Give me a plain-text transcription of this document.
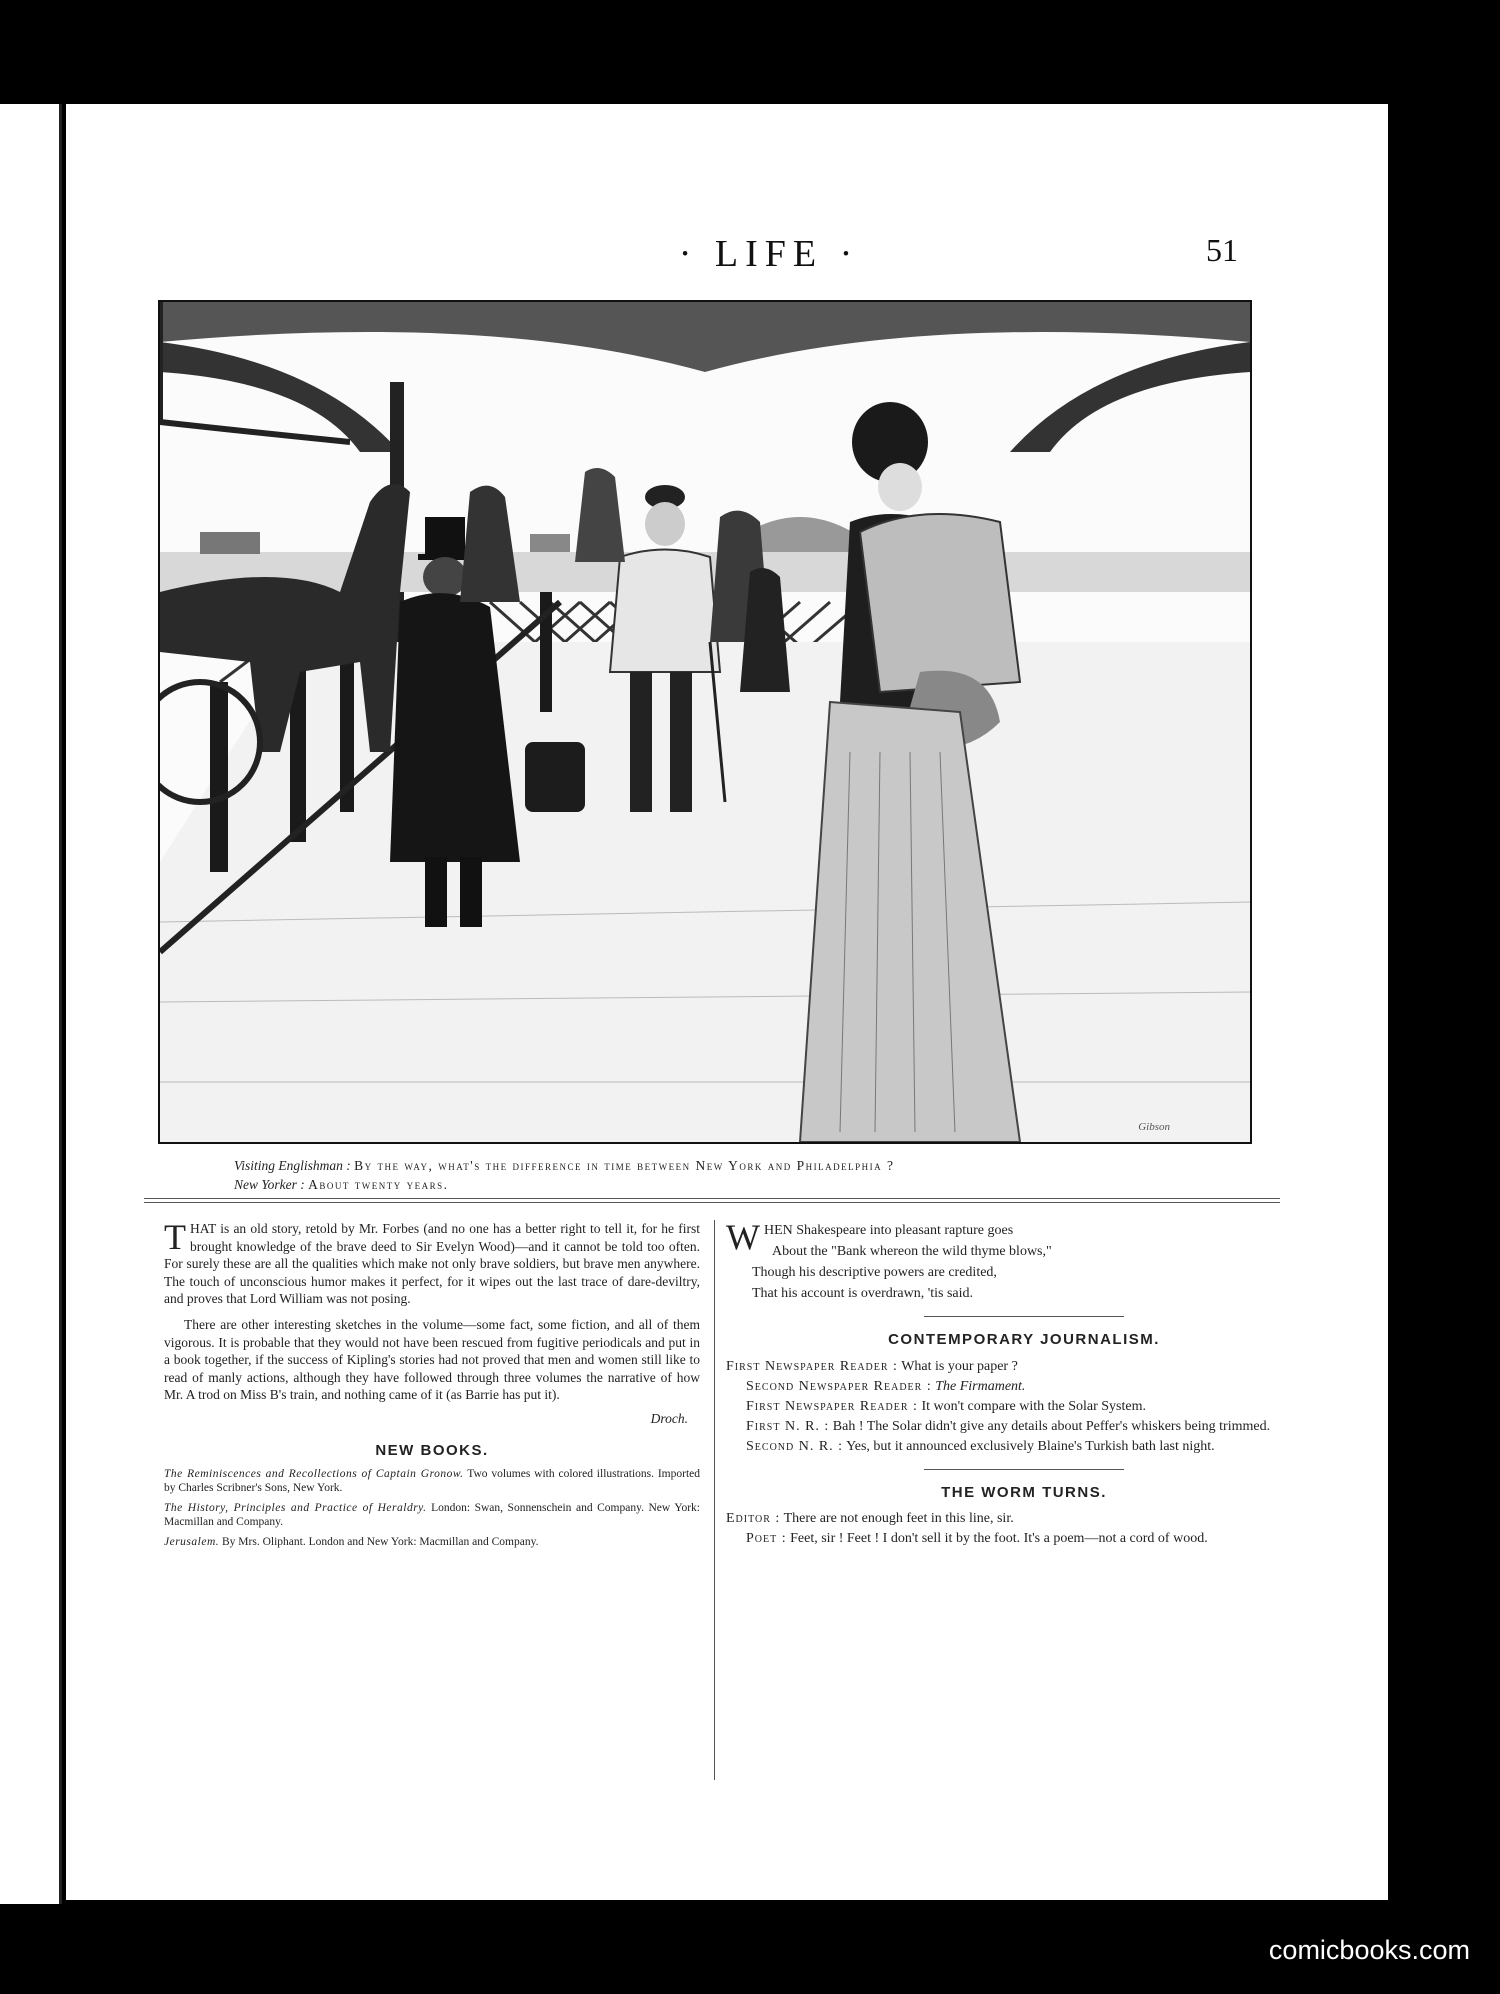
· LIFE ·	51
Gibson
Visiting Englishman : By the way, what's the difference in time between New York and Philadelphia ?
New Yorker : About twenty years.

THAT is an old story, retold by Mr. Forbes (and no one has a better right to tell it, for he first brought knowledge of the brave deed to Sir Evelyn Wood)—and it cannot be told too often. For surely these are all the qualities which make not only brave soldiers, but brave men anywhere. The touch of unconscious humor makes it perfect, for it wipes out the last trace of dare-deviltry, and proves that Lord William was not posing.

There are other interesting sketches in the volume—some fact, some fiction, and all of them vigorous. It is probable that they would not have been rescued from fugitive periodicals and put in a book together, if the success of Kipling's stories had not proved that men and women still like to read of manly actions, although they have followed through three volumes the narrative of how Mr. A trod on Miss B's train, and nothing came of it (as Barrie has put it).

Droch.

NEW BOOKS.

The Reminiscences and Recollections of Captain Gronow. Two volumes with colored illustrations. Imported by Charles Scribner's Sons, New York.

The History, Principles and Practice of Heraldry. London: Swan, Sonnenschein and Company. New York: Macmillan and Company.

Jerusalem. By Mrs. Oliphant. London and New York: Macmillan and Company.

WHEN Shakespeare into pleasant rapture goes
About the "Bank whereon the wild thyme blows,"
Though his descriptive powers are credited,
That his account is overdrawn, 'tis said.

CONTEMPORARY JOURNALISM.

First Newspaper Reader : What is your paper ?

Second Newspaper Reader : The Firmament.

First Newspaper Reader : It won't compare with the Solar System.

First N. R. : Bah ! The Solar didn't give any details about Peffer's whiskers being trimmed.

Second N. R. : Yes, but it announced exclusively Blaine's Turkish bath last night.

THE WORM TURNS.

Editor : There are not enough feet in this line, sir.

Poet : Feet, sir ! Feet ! I don't sell it by the foot. It's a poem—not a cord of wood.

comicbooks.com
